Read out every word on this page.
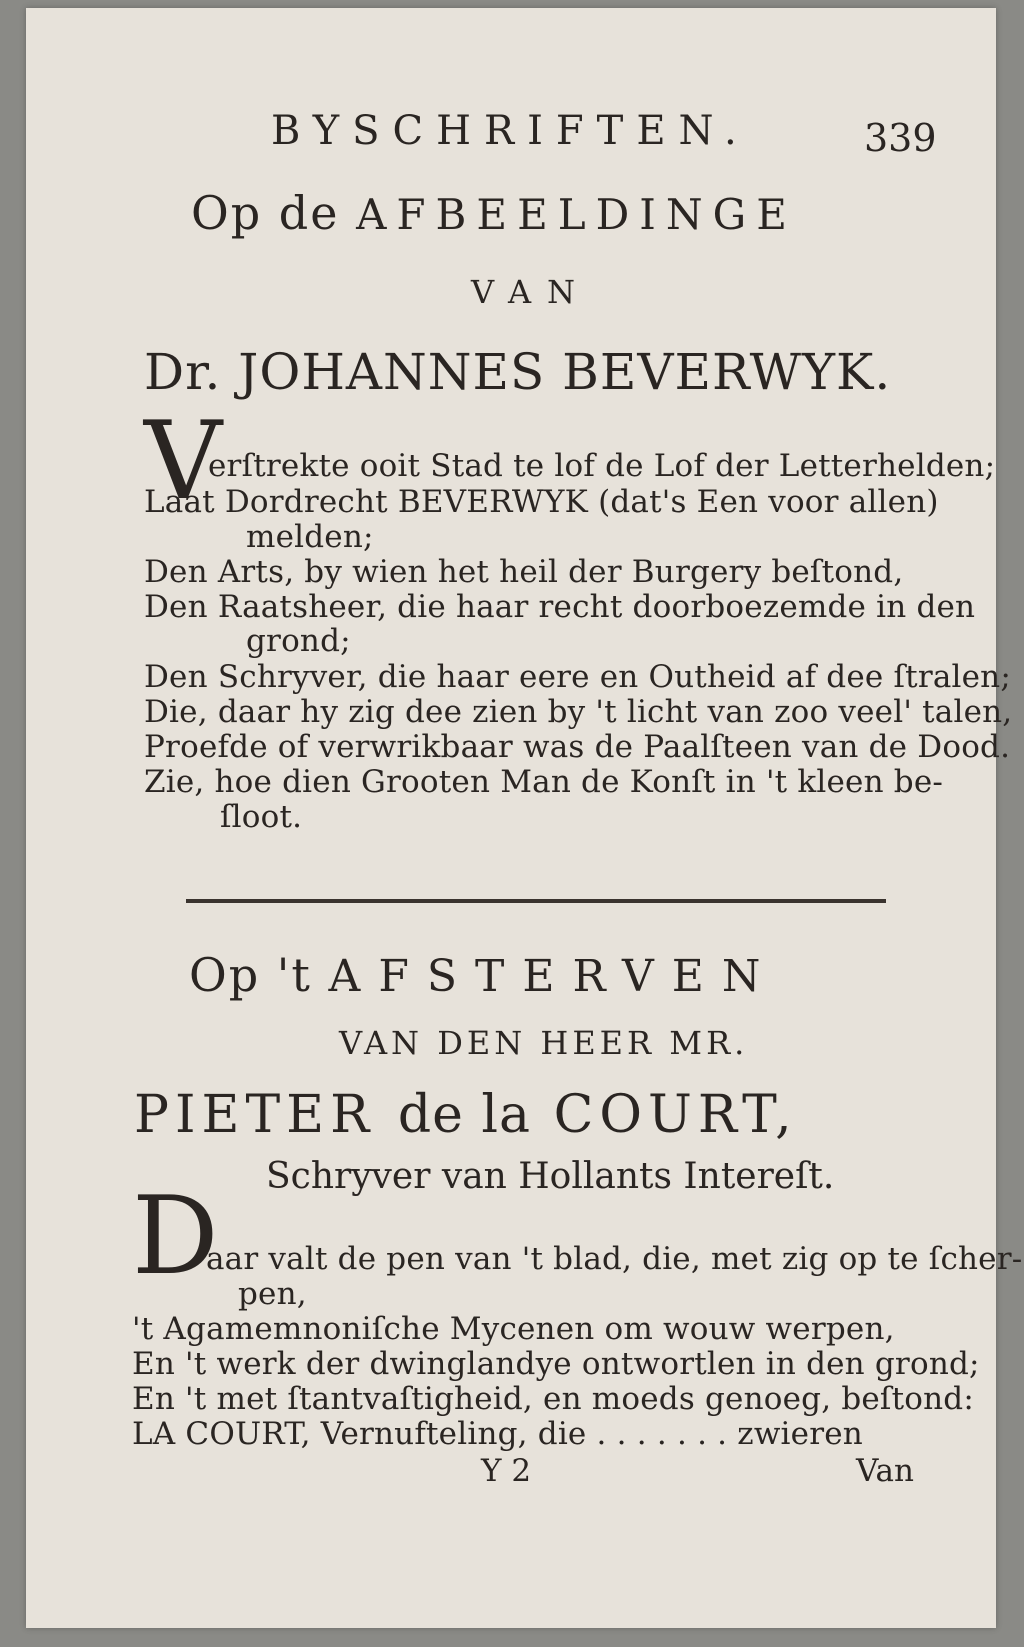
BYSCHRIFTEN.	339
Op de AFBEELDINGE
VAN
Dr. JOHANNES BEVERWYK.
V
erſtrekte ooit Stad te lof de Lof der Letterhelden;
Laat Dordrecht BEVERWYK (dat's Een voor allen)
melden;
Den Arts, by wien het heil der Burgery beſtond,
Den Raatsheer, die haar recht doorboezemde in den
grond;
Den Schryver, die haar eere en Outheid af dee ſtralen;
Die, daar hy zig dee zien by 't licht van zoo veel' talen,
Proefde of verwrikbaar was de Paalſteen van de Dood.
Zie, hoe dien Grooten Man de Konſt in 't kleen be-
ſloot.
Op 't AFSTERVEN
VAN DEN HEER MR.
PIETER de la COURT,
Schryver van Hollants Intereſt.
D
aar valt de pen van 't blad, die, met zig op te ſcher-
pen,
't Agamemnoniſche Mycenen om wouw werpen,
En 't werk der dwinglandye ontwortlen in den grond;
En 't met ſtantvaſtigheid, en moeds genoeg, beſtond:
LA COURT, Vernufteling, die . . . . . . . zwieren
Y 2	Van
